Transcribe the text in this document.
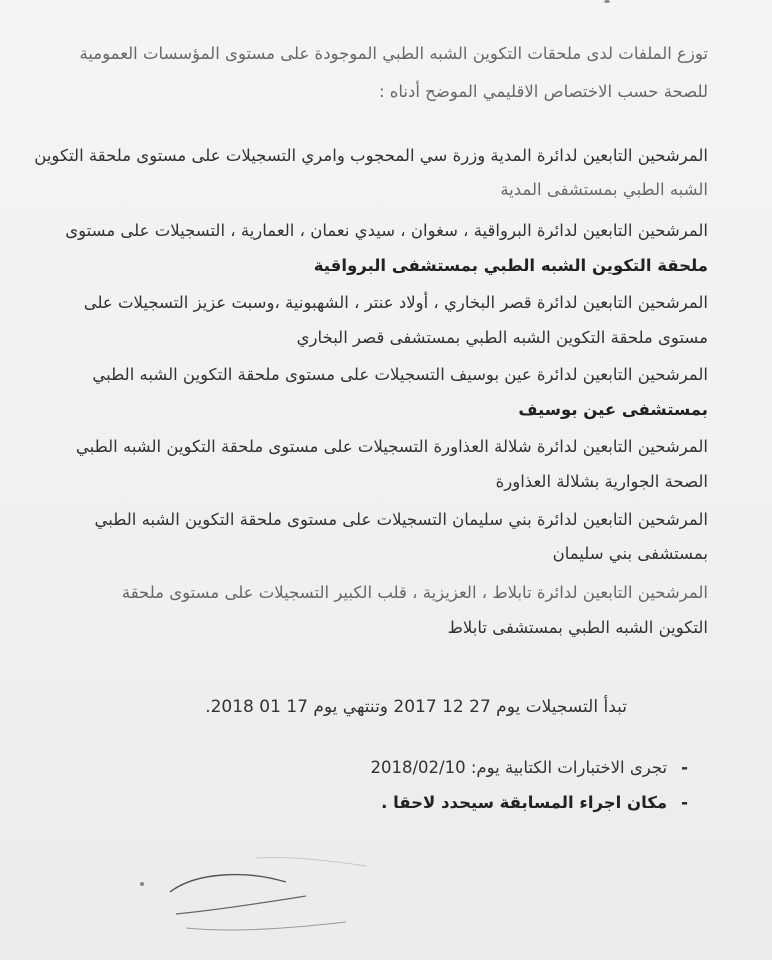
توزع الملفات لدى ملحقات التكوين الشبه الطبي الموجودة على مستوى المؤسسات العمومية
للصحة حسب الاختصاص الاقليمي الموضح أدناه :
المرشحين التابعين لدائرة المدية وزرة سي المحجوب وامري التسجيلات على مستوى ملحقة التكوين
الشبه الطبي بمستشفى المدية
المرشحين التابعين لدائرة البرواقية ، سغوان ، سيدي نعمان ، العمارية ، التسجيلات على مستوى
ملحقة التكوين الشبه الطبي بمستشفى البرواقية
المرشحين التابعين لدائرة قصر البخاري ، أولاد عنتر ، الشهبونية ،وسبت عزيز التسجيلات على
مستوى ملحقة التكوين الشبه الطبي بمستشفى قصر البخاري
المرشحين التابعين لدائرة عين بوسيف التسجيلات على مستوى ملحقة التكوين الشبه الطبي
بمستشفى عين بوسيف
المرشحين التابعين لدائرة شلالة العذاورة التسجيلات على مستوى ملحقة التكوين الشبه الطبي
الصحة الجوارية بشلالة العذاورة
المرشحين التابعين لدائرة بني سليمان التسجيلات على مستوى ملحقة التكوين الشبه الطبي
بمستشفى بني سليمان
المرشحين التابعين لدائرة تابلاط ، العزيزية ، قلب الكبير التسجيلات على مستوى ملحقة
التكوين الشبه الطبي بمستشفى تابلاط
تبدأ التسجيلات يوم 27 12 2017 وتنتهي يوم 17 01 2018.
-تجرى الاختبارات الكتابية يوم: 2018/02/10
-مكان اجراء المسابقة سيحدد لاحقا .
